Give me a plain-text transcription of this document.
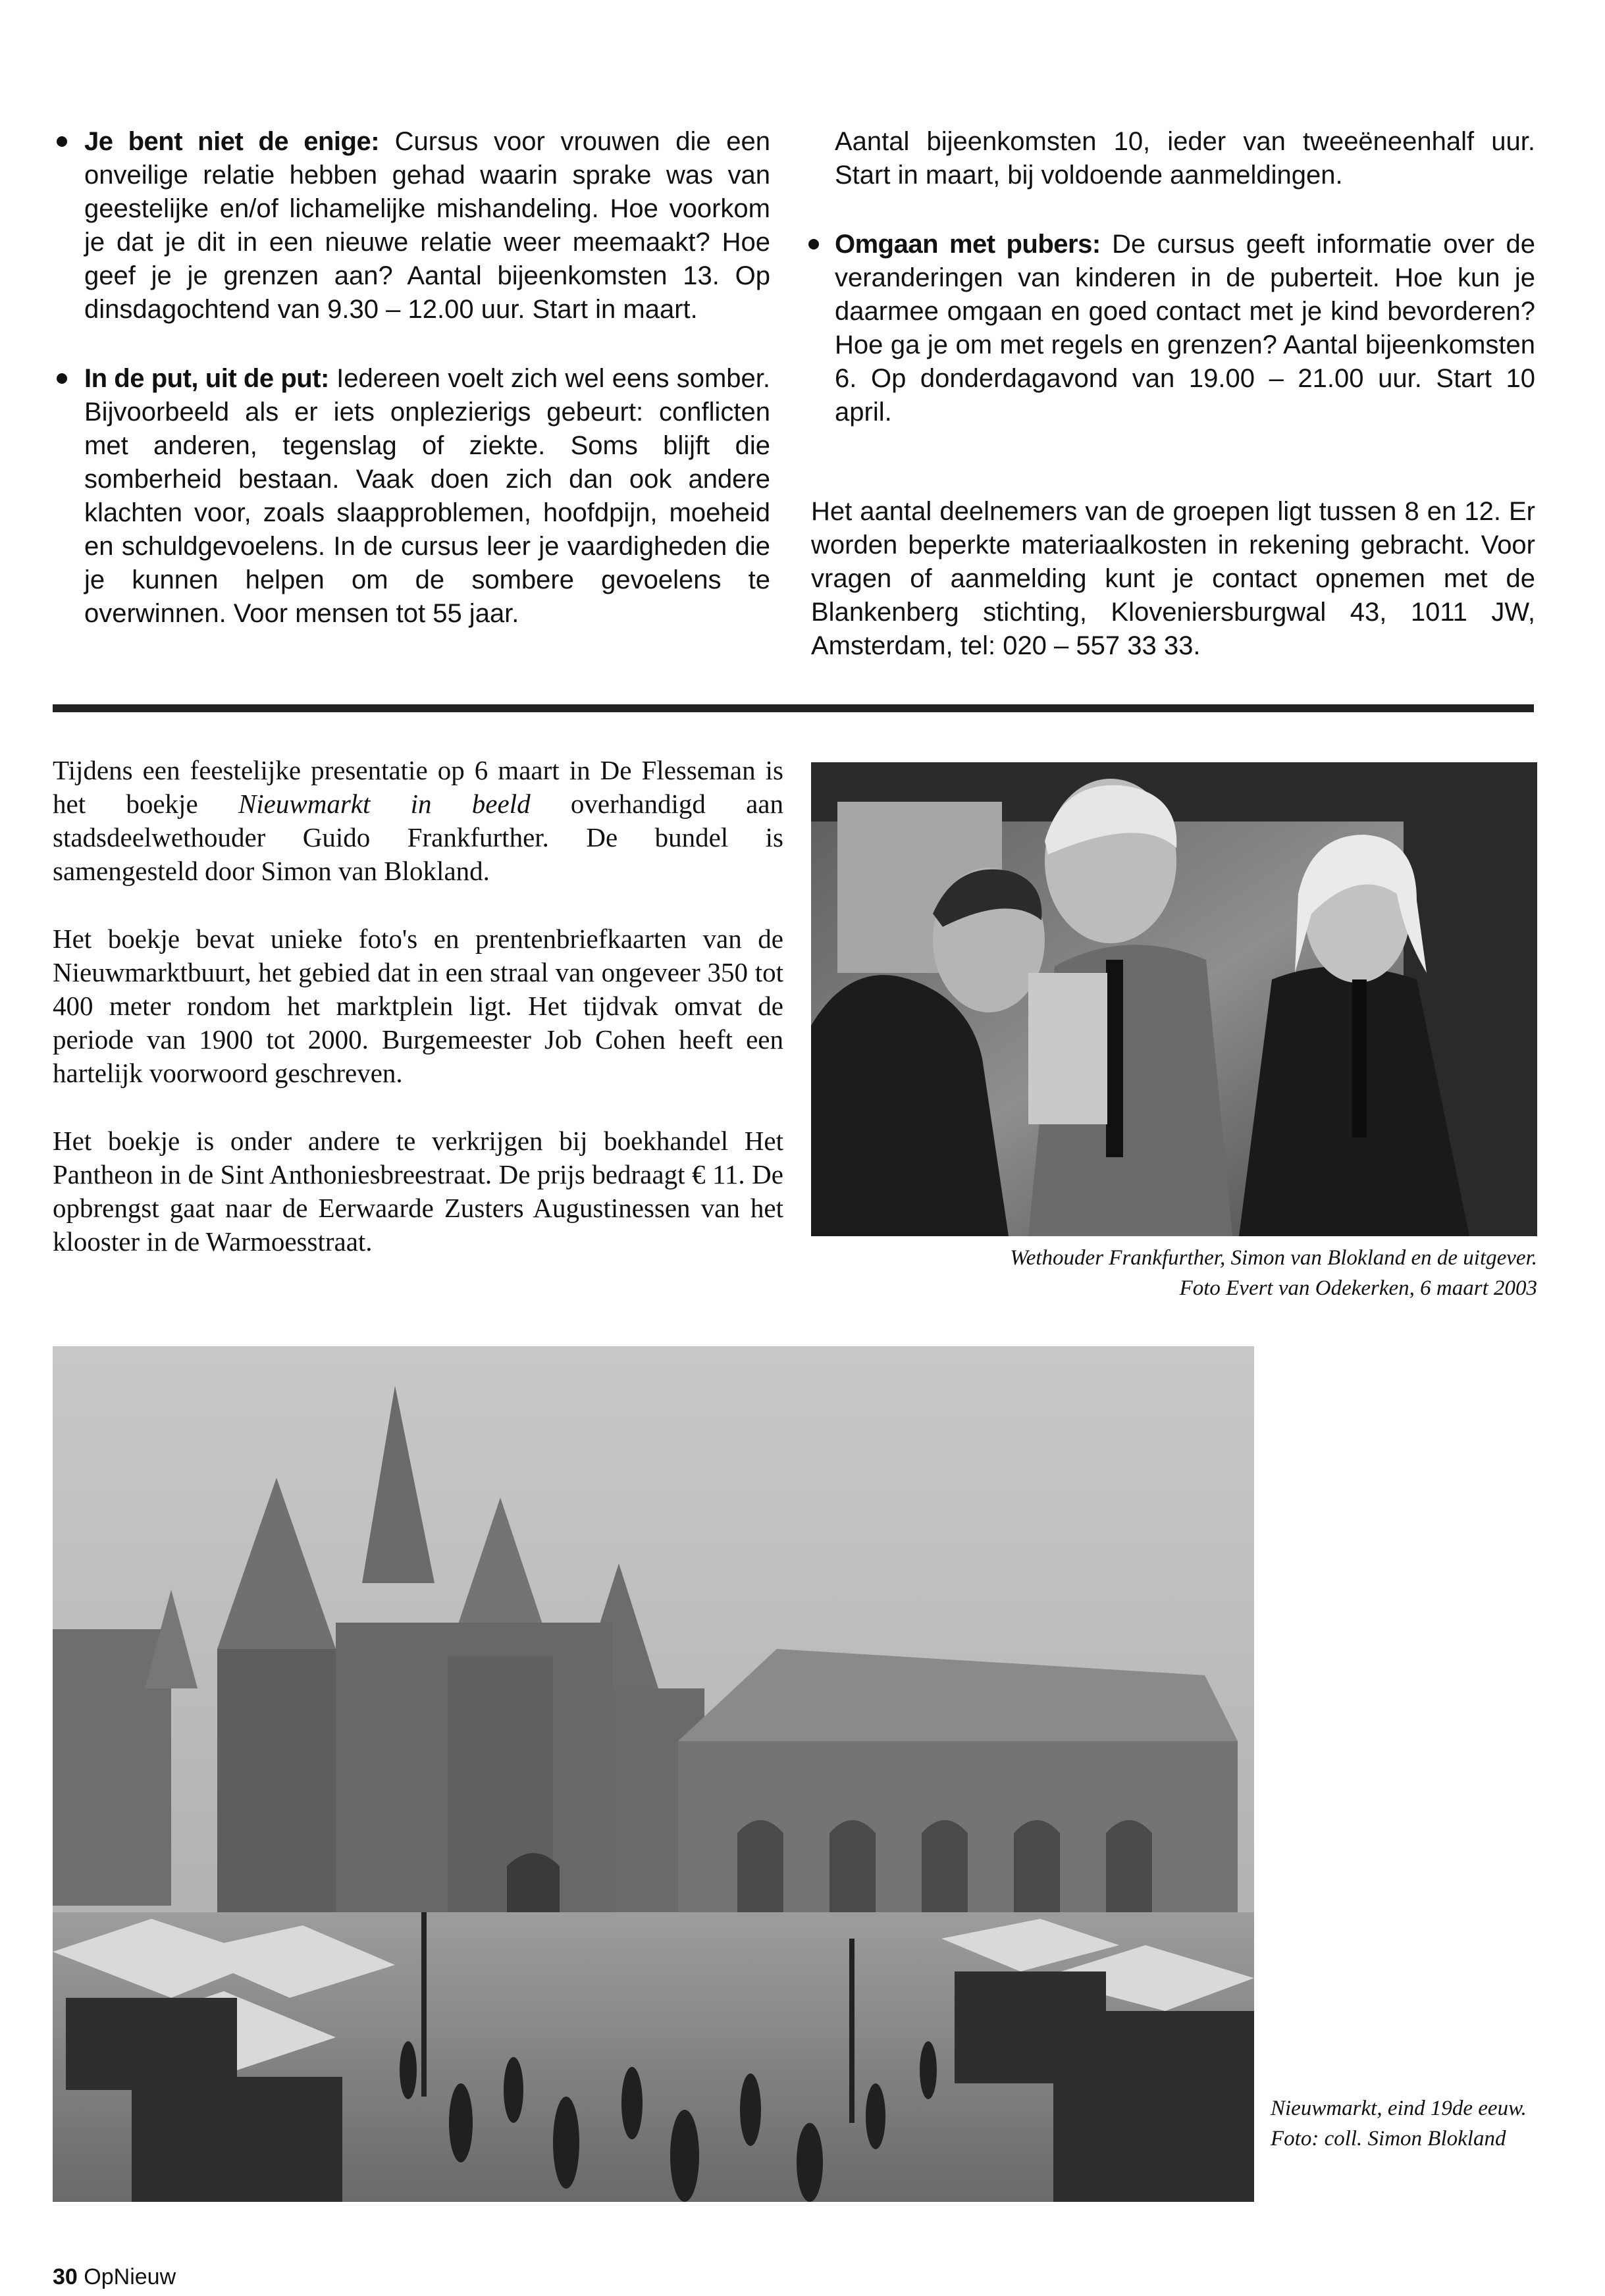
Je bent niet de enige: Cursus voor vrouwen die een onveilige relatie hebben gehad waarin sprake was van geestelijke en/of lichamelijke mishandeling. Hoe voorkom je dat je dit in een nieuwe relatie weer meemaakt? Hoe geef je je grenzen aan? Aantal bijeenkomsten 13. Op dinsdagochtend van 9.30 – 12.00 uur. Start in maart.
In de put, uit de put: Iedereen voelt zich wel eens somber. Bijvoorbeeld als er iets onplezierigs gebeurt: conflicten met anderen, tegenslag of ziekte. Soms blijft die somberheid bestaan. Vaak doen zich dan ook andere klachten voor, zoals slaapproblemen, hoofdpijn, moeheid en schuldgevoelens. In de cursus leer je vaardigheden die je kunnen helpen om de sombere gevoelens te overwinnen. Voor mensen tot 55 jaar.

Aantal bijeenkomsten 10, ieder van tweeëneenhalf uur. Start in maart, bij voldoende aanmeldingen.

Omgaan met pubers: De cursus geeft informatie over de veranderingen van kinderen in de puberteit. Hoe kun je daarmee omgaan en goed contact met je kind bevorderen? Hoe ga je om met regels en grenzen? Aantal bijeenkomsten 6. Op donderdagavond van 19.00 – 21.00 uur. Start 10 april.

Het aantal deelnemers van de groepen ligt tussen 8 en 12. Er worden beperkte materiaalkosten in rekening gebracht. Voor vragen of aanmelding kunt je contact opnemen met de Blankenberg stichting, Kloveniersburgwal 43, 1011 JW, Amsterdam, tel: 020 – 557 33 33.

Tijdens een feestelijke presentatie op 6 maart in De Flesseman is het boekje Nieuwmarkt in beeld overhandigd aan stadsdeelwethouder Guido Frankfurther. De bundel is samengesteld door Simon van Blokland.

Het boekje bevat unieke foto's en prentenbriefkaarten van de Nieuwmarktbuurt, het gebied dat in een straal van ongeveer 350 tot 400 meter rondom het marktplein ligt. Het tijdvak omvat de periode van 1900 tot 2000. Burgemeester Job Cohen heeft een hartelijk voorwoord geschreven.

Het boekje is onder andere te verkrijgen bij boekhandel Het Pantheon in de Sint Anthoniesbreestraat. De prijs bedraagt € 11. De opbrengst gaat naar de Eerwaarde Zusters Augustinessen van het klooster in de Warmoesstraat.

Wethouder Frankfurther, Simon van Blokland en de uitgever.
Foto Evert van Odekerken, 6 maart 2003
Nieuwmarkt, eind 19de eeuw.
Foto: coll. Simon Blokland
30 OpNieuw
